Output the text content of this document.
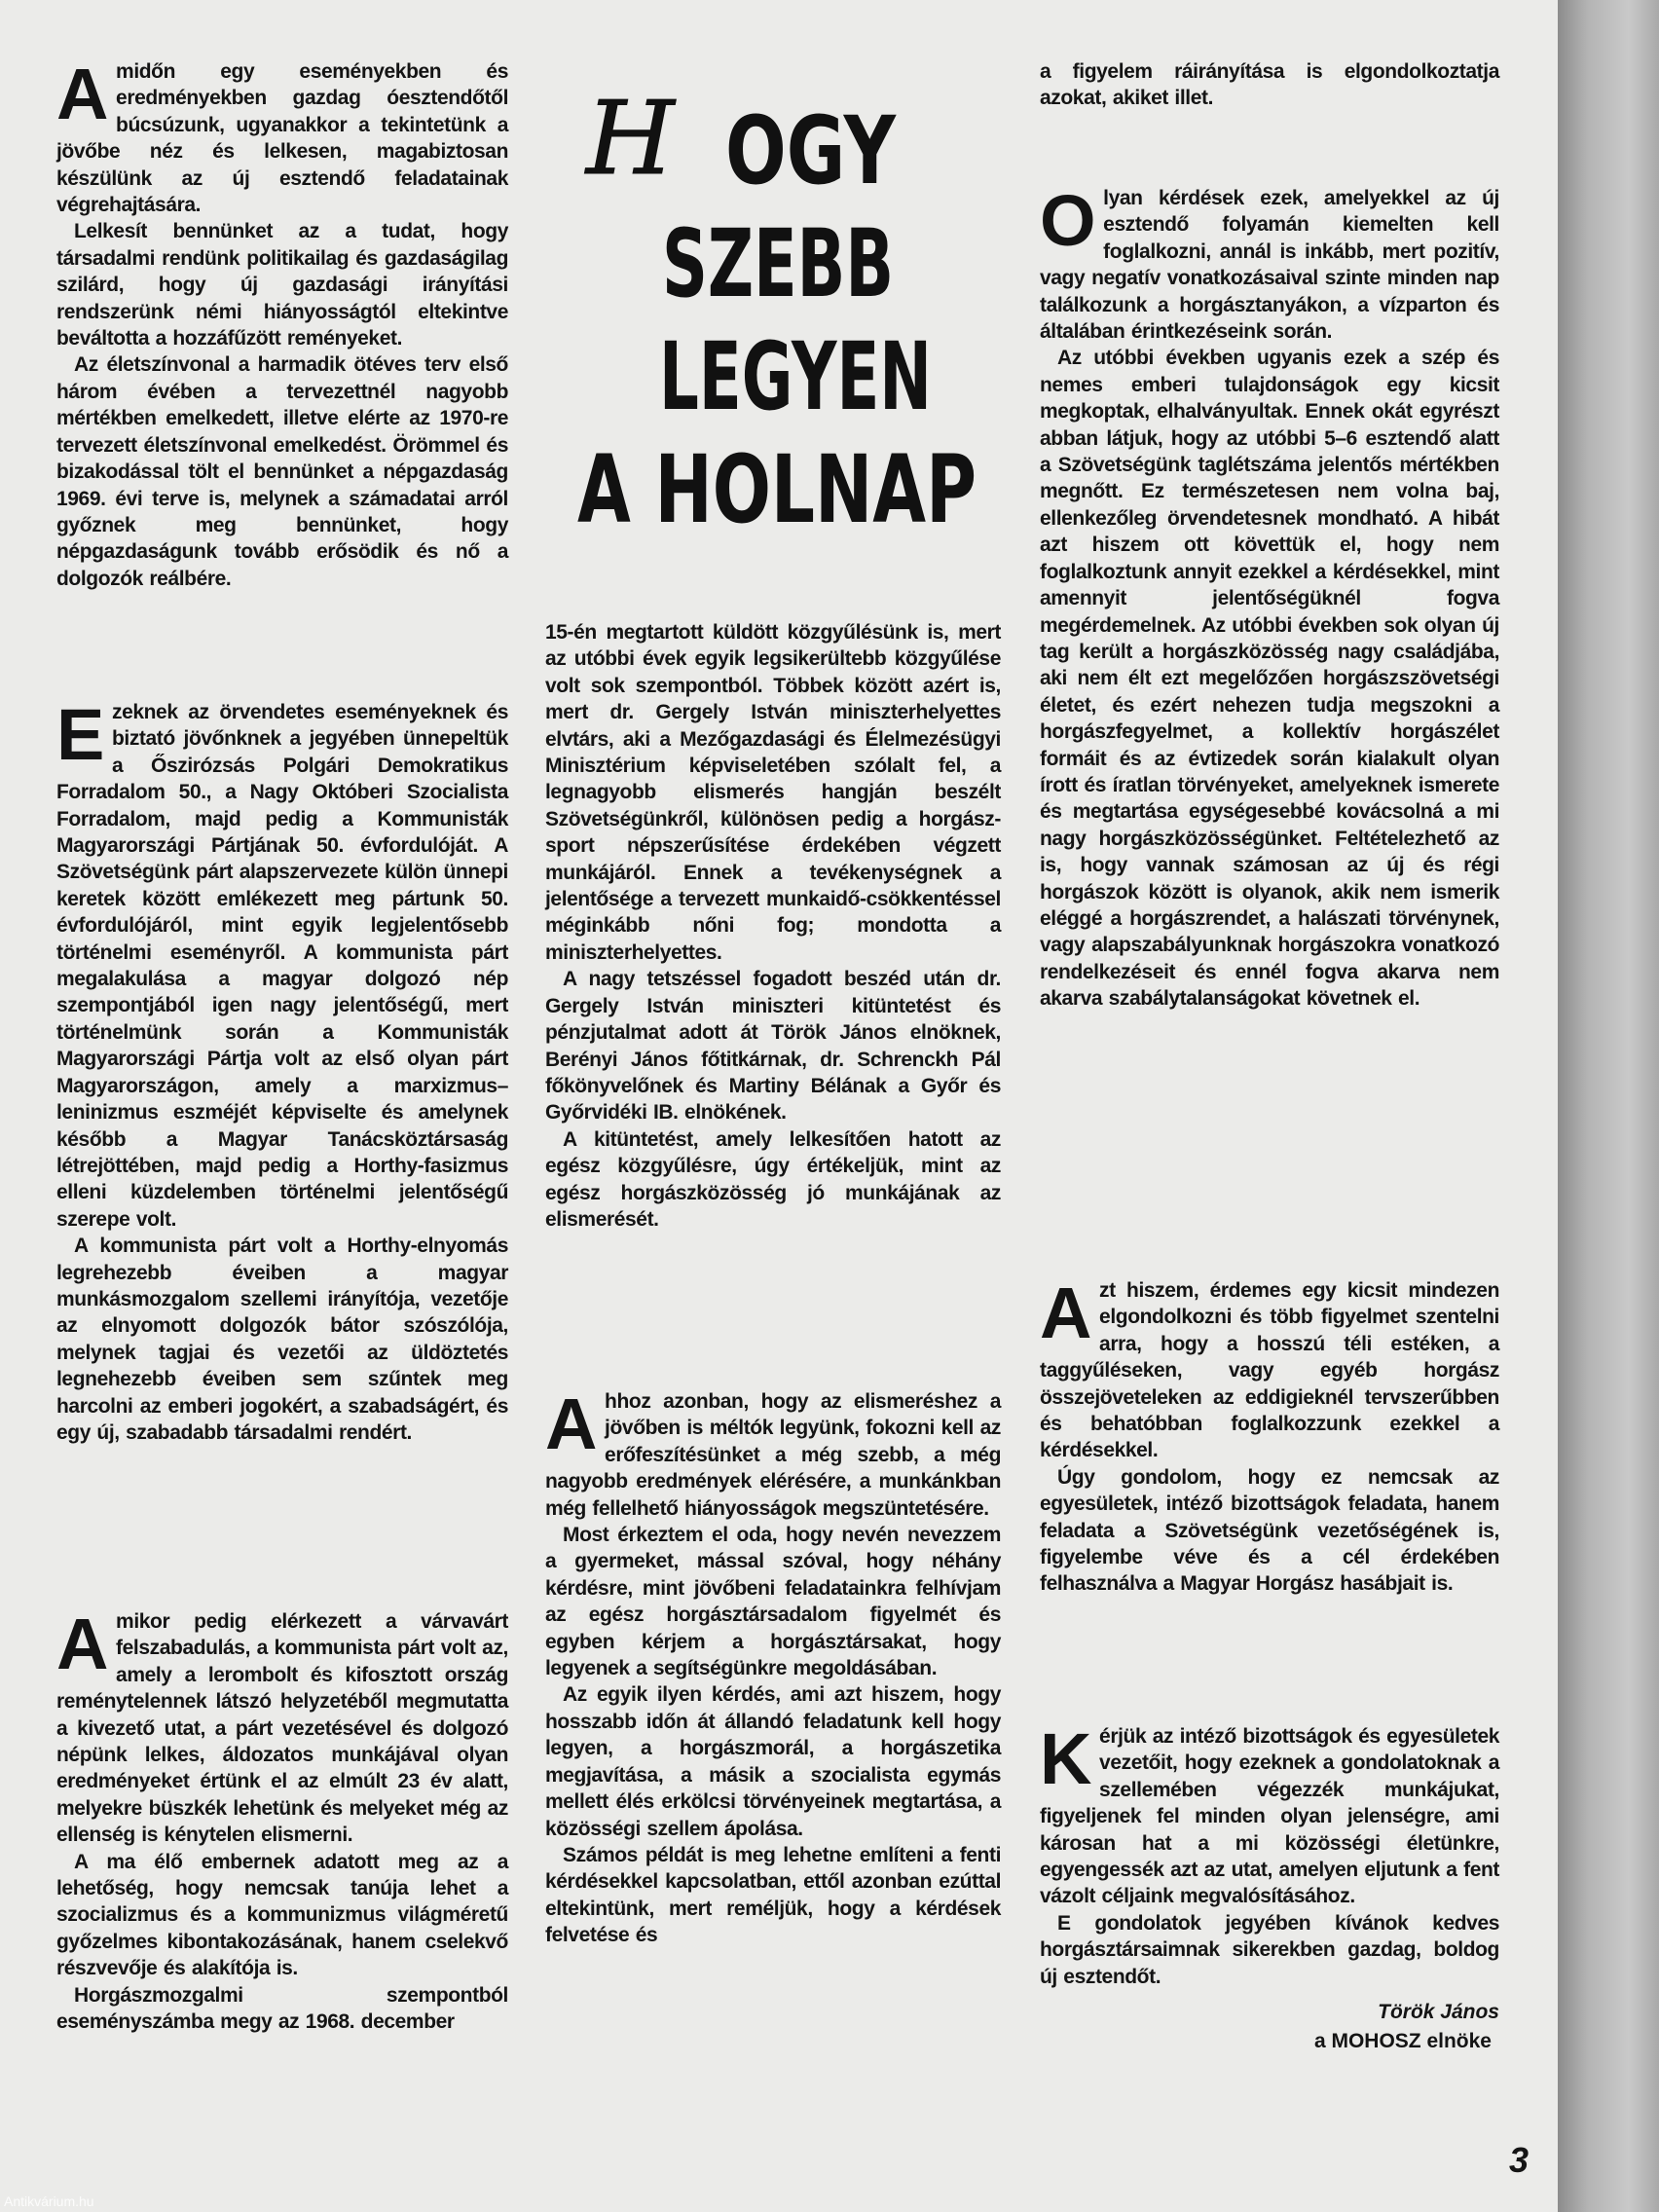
H OGY
SZEBB
LEGYEN
A HOLNAP

Amidőn egy eseményekben és eredményekben gazdag óesztendőtől búcsúzunk, ugyanakkor a tekintetünk a jövőbe néz és lelkesen, magabiztosan készülünk az új esztendő feladatainak végrehajtására.

Lelkesít bennünket az a tudat, hogy társadalmi rendünk politikailag és gazdaságilag szilárd, hogy új gazdasági irányítási rendszerünk némi hiányosságtól eltekintve beváltotta a hozzáfűzött reményeket.

Az életszínvonal a harmadik ötéves terv első három évében a tervezettnél nagyobb mértékben emelkedett, illetve elérte az 1970-re tervezett életszínvonal emelkedést. Örömmel és bizakodással tölt el bennünket a népgazdaság 1969. évi terve is, melynek a számadatai arról győznek meg bennünket, hogy népgazdaságunk tovább erősödik és nő a dolgozók reálbére.

Ezeknek az örvendetes eseményeknek és biztató jövőnknek a jegyében ünnepeltük a Őszirózsás Polgári Demokratikus Forradalom 50., a Nagy Októberi Szocialista Forradalom, majd pedig a Kommunisták Magyarországi Pártjának 50. évfordulóját. A Szövetségünk párt alapszervezete külön ünnepi keretek között emlékezett meg pártunk 50. évfordulójáról, mint egyik legjelentősebb történelmi eseményről. A kommunista párt megalakulása a magyar dolgozó nép szempontjából igen nagy jelentőségű, mert történelmünk során a Kommunisták Magyarországi Pártja volt az első olyan párt Magyarországon, amely a marxizmus–leninizmus eszméjét képviselte és amelynek később a Magyar Tanácsköztársaság létrejöttében, majd pedig a Horthy-fasizmus elleni küzdelemben történelmi jelentőségű szerepe volt.

A kommunista párt volt a Horthy-elnyomás legrehezebb éveiben a magyar munkásmozgalom szellemi irányítója, vezetője az elnyomott dolgozók bátor szószólója, melynek tagjai és vezetői az üldöztetés legnehezebb éveiben sem szűntek meg harcolni az emberi jogokért, a szabadságért, és egy új, szabadabb társadalmi rendért.

Amikor pedig elérkezett a várvavárt felszabadulás, a kommunista párt volt az, amely a lerombolt és kifosztott ország reménytelennek látszó helyzetéből megmutatta a kivezető utat, a párt vezetésével és dolgozó népünk lelkes, áldozatos munkájával olyan eredményeket értünk el az elmúlt 23 év alatt, melyekre büszkék lehetünk és melyeket még az ellenség is kénytelen elismerni.

A ma élő embernek adatott meg az a lehetőség, hogy nemcsak tanúja lehet a szocializmus és a kommunizmus világméretű győzelmes kibontakozásának, hanem cselekvő részvevője és alakítója is.

Horgászmozgalmi szempontból eseményszámba megy az 1968. december

15-én megtartott küldött közgyűlésünk is, mert az utóbbi évek egyik legsikerültebb közgyűlése volt sok szempontból. Többek között azért is, mert dr. Gergely István miniszterhelyettes elvtárs, aki a Mezőgazdasági és Élelmezésügyi Minisztérium képviseletében szólalt fel, a legnagyobb elismerés hangján beszélt Szövetségünkről, különösen pedig a horgász-sport népszerűsítése érdekében végzett munkájáról. Ennek a tevékenységnek a jelentősége a tervezett munkaidő-csökkentéssel méginkább nőni fog; mondotta a miniszterhelyettes.

A nagy tetszéssel fogadott beszéd után dr. Gergely István miniszteri kitüntetést és pénzjutalmat adott át Török János elnöknek, Berényi János főtitkárnak, dr. Schrenckh Pál főkönyvelőnek és Martiny Bélának a Győr és Győrvidéki IB. elnökének.

A kitüntetést, amely lelkesítően hatott az egész közgyűlésre, úgy értékeljük, mint az egész horgászközösség jó munkájának az elismerését.

Ahhoz azonban, hogy az elismeréshez a jövőben is méltók legyünk, fokozni kell az erőfeszítésünket a még szebb, a még nagyobb eredmények elérésére, a munkánkban még fellelhető hiányosságok megszüntetésére.

Most érkeztem el oda, hogy nevén nevezzem a gyermeket, mással szóval, hogy néhány kérdésre, mint jövőbeni feladatainkra felhívjam az egész horgásztársadalom figyelmét és egyben kérjem a horgásztársakat, hogy legyenek a segítségünkre megoldásában.

Az egyik ilyen kérdés, ami azt hiszem, hogy hosszabb időn át állandó feladatunk kell hogy legyen, a horgászmorál, a horgászetika megjavítása, a másik a szocialista egymás mellett élés erkölcsi törvényeinek megtartása, a közösségi szellem ápolása.

Számos példát is meg lehetne említeni a fenti kérdésekkel kapcsolatban, ettől azonban ezúttal eltekintünk, mert reméljük, hogy a kérdések felvetése és

a figyelem ráirányítása is elgondolkoztatja azokat, akiket illet.

Olyan kérdések ezek, amelyekkel az új esztendő folyamán kiemelten kell foglalkozni, annál is inkább, mert pozitív, vagy negatív vonatkozásaival szinte minden nap találkozunk a horgásztanyákon, a vízparton és általában érintkezéseink során.

Az utóbbi években ugyanis ezek a szép és nemes emberi tulajdonságok egy kicsit megkoptak, elhalványultak. Ennek okát egyrészt abban látjuk, hogy az utóbbi 5–6 esztendő alatt a Szövetségünk taglétszáma jelentős mértékben megnőtt. Ez természetesen nem volna baj, ellenkezőleg örvendetesnek mondható. A hibát azt hiszem ott követtük el, hogy nem foglalkoztunk annyit ezekkel a kérdésekkel, mint amennyit jelentőségüknél fogva megérdemelnek. Az utóbbi években sok olyan új tag került a horgászközösség nagy családjába, aki nem élt ezt megelőzően horgászszövetségi életet, és ezért nehezen tudja megszokni a horgászfegyelmet, a kollektív horgászélet formáit és az évtizedek során kialakult olyan írott és íratlan törvényeket, amelyeknek ismerete és megtartása egységesebbé kovácsolná a mi nagy horgászközösségünket. Feltételezhető az is, hogy vannak számosan az új és régi horgászok között is olyanok, akik nem ismerik eléggé a horgászrendet, a halászati törvénynek, vagy alapszabályunknak horgászokra vonatkozó rendelkezéseit és ennél fogva akarva nem akarva szabálytalanságokat követnek el.

Azt hiszem, érdemes egy kicsit mindezen elgondolkozni és több figyelmet szentelni arra, hogy a hosszú téli estéken, a taggyűléseken, vagy egyéb horgász összejöveteleken az eddigieknél tervszerűbben és behatóbban foglalkozzunk ezekkel a kérdésekkel.

Úgy gondolom, hogy ez nemcsak az egyesületek, intéző bizottságok feladata, hanem feladata a Szövetségünk vezetőségének is, figyelembe véve és a cél érdekében felhasználva a Magyar Horgász hasábjait is.

Kérjük az intéző bizottságok és egyesületek vezetőit, hogy ezeknek a gondolatoknak a szellemében végezzék munkájukat, figyeljenek fel minden olyan jelenségre, ami károsan hat a mi közösségi életünkre, egyengessék azt az utat, amelyen eljutunk a fent vázolt céljaink megvalósításához.

E gondolatok jegyében kívánok kedves horgásztársaimnak sikerekben gazdag, boldog új esztendőt.

Török János
a MOHOSZ elnöke
3
Antikvárium.hu
